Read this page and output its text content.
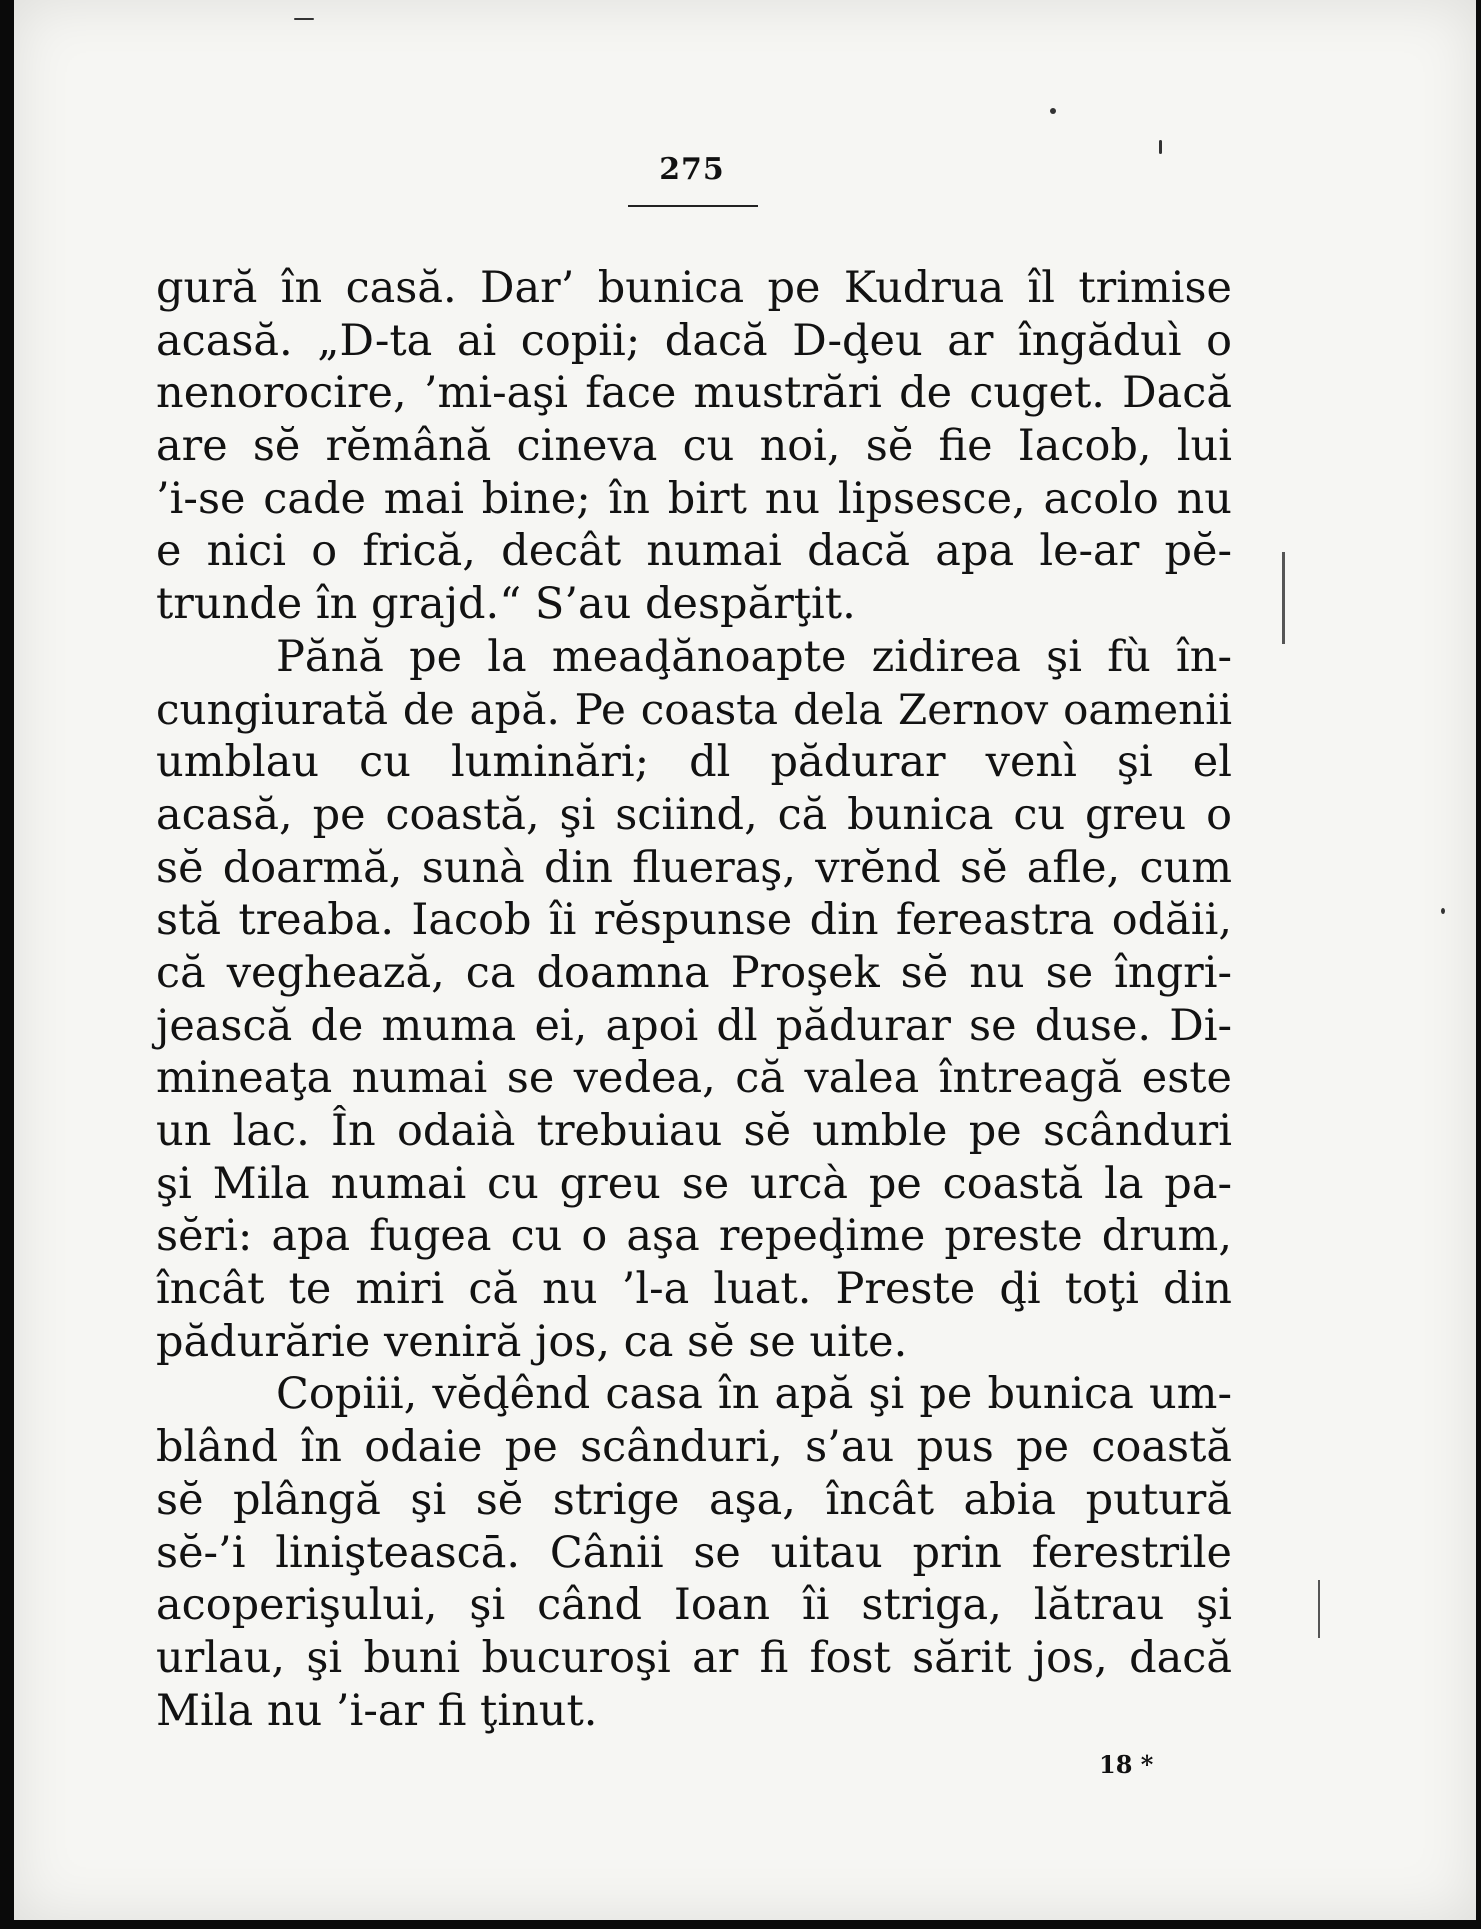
275
gură în casă. Dar’ bunica pe Kudrua îl trimise
acasă. „D-ta ai copii; dacă D-ḑeu ar îngăduì o
nenorocire, ’mi-aşi face mustrări de cuget. Dacă
are sĕ rĕmână cineva cu noi, sĕ fie Iacob, lui
’i-se cade mai bine; în birt nu lipsesce, acolo nu
e nici o frică, decât numai dacă apa le-ar pĕ-
trunde în grajd.“ S’au despărţit.
Pănă pe la meaḑănoapte zidirea şi fù în-
cungiurată de apă. Pe coasta dela Zernov oamenii
umblau cu luminări; dl pădurar venì şi el
acasă, pe coastă, şi sciind, că bunica cu greu o
sĕ doarmă, sunà din flueraş, vrĕnd sĕ afle, cum
stă treaba. Iacob îi rĕspunse din fereastra odăii,
că veghează, ca doamna Proşek sĕ nu se îngri-
jească de muma ei, apoi dl pădurar se duse. Di-
mineaţa numai se vedea, că valea întreagă este
un lac. În odaià trebuiau sĕ umble pe scânduri
şi Mila numai cu greu se urcà pe coastă la pa-
sĕri: apa fugea cu o aşa repeḑime preste drum,
încât te miri că nu ’l-a luat. Preste ḑi toţi din
pădurărie veniră jos, ca sĕ se uite.
Copiii, vĕḑênd casa în apă şi pe bunica um-
blând în odaie pe scânduri, s’au pus pe coastă
sĕ plângă şi sĕ strige aşa, încât abia putură
sĕ-’i linişteascā. Cânii se uitau prin ferestrile
acoperişului, şi când Ioan îi striga, lătrau şi
urlau, şi buni bucuroşi ar fi fost sărit jos, dacă
Mila nu ’i-ar fi ţinut.
18 *
